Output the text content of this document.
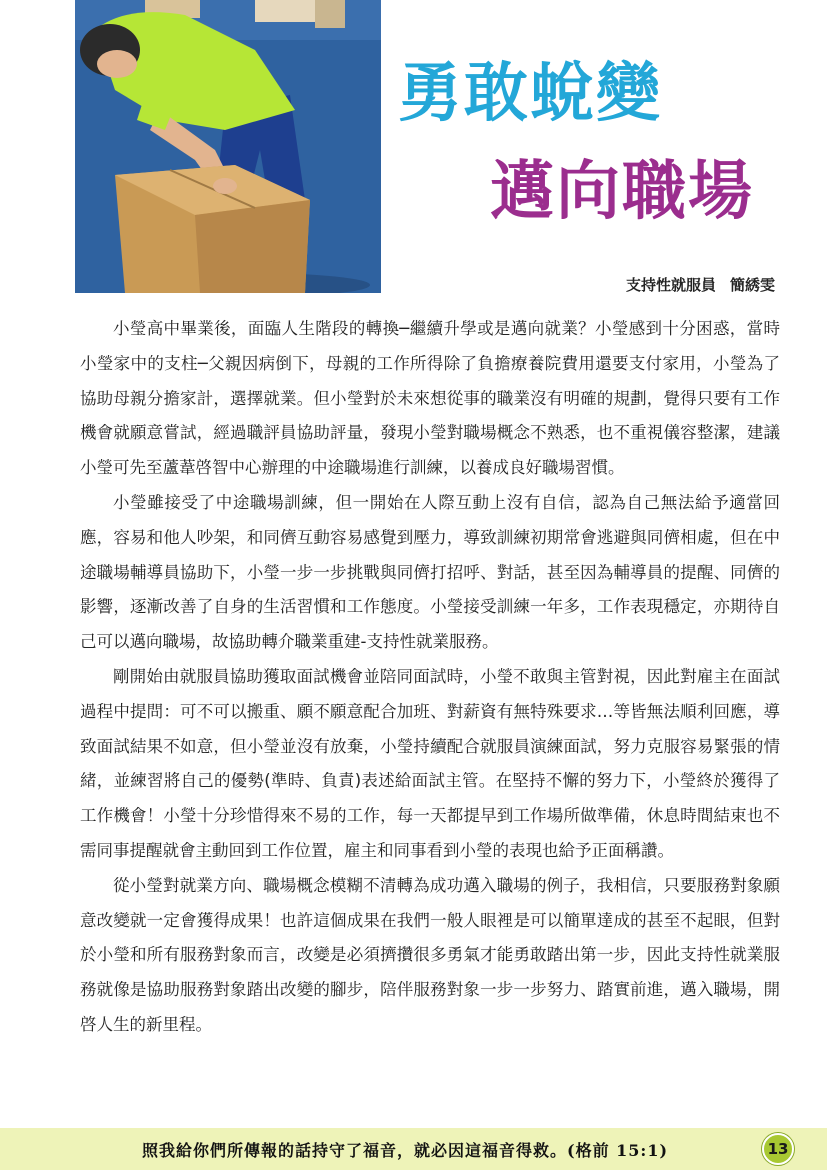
勇敢蛻變
邁向職場
支持性就服員 簡綉雯

小瑩高中畢業後，面臨人生階段的轉換─繼續升學或是邁向就業？小瑩感到十分困惑，當時小瑩家中的支柱─父親因病倒下，母親的工作所得除了負擔療養院費用還要支付家用，小瑩為了協助母親分擔家計，選擇就業。但小瑩對於未來想從事的職業沒有明確的規劃，覺得只要有工作機會就願意嘗試，經過職評員協助評量，發現小瑩對職場概念不熟悉，也不重視儀容整潔，建議小瑩可先至蘆葦啓智中心辦理的中途職場進行訓練，以養成良好職場習慣。

小瑩雖接受了中途職場訓練，但一開始在人際互動上沒有自信，認為自己無法給予適當回應，容易和他人吵架，和同儕互動容易感覺到壓力，導致訓練初期常會逃避與同儕相處，但在中途職場輔導員協助下，小瑩一步一步挑戰與同儕打招呼、對話，甚至因為輔導員的提醒、同儕的影響，逐漸改善了自身的生活習慣和工作態度。小瑩接受訓練一年多，工作表現穩定，亦期待自己可以邁向職場，故協助轉介職業重建-支持性就業服務。

剛開始由就服員協助獲取面試機會並陪同面試時，小瑩不敢與主管對視，因此對雇主在面試過程中提問：可不可以搬重、願不願意配合加班、對薪資有無特殊要求…等皆無法順利回應，導致面試結果不如意，但小瑩並沒有放棄，小瑩持續配合就服員演練面試，努力克服容易緊張的情緒，並練習將自己的優勢(準時、負責)表述給面試主管。在堅持不懈的努力下，小瑩終於獲得了工作機會！小瑩十分珍惜得來不易的工作，每一天都提早到工作場所做準備，休息時間結束也不需同事提醒就會主動回到工作位置，雇主和同事看到小瑩的表現也給予正面稱讚。

從小瑩對就業方向、職場概念模糊不清轉為成功邁入職場的例子，我相信，只要服務對象願意改變就一定會獲得成果！也許這個成果在我們一般人眼裡是可以簡單達成的甚至不起眼，但對於小瑩和所有服務對象而言，改變是必須擠攢很多勇氣才能勇敢踏出第一步，因此支持性就業服務就像是協助服務對象踏出改變的腳步，陪伴服務對象一步一步努力、踏實前進，邁入職場，開啓人生的新里程。

照我給你們所傳報的話持守了福音，就必因這福音得救。(格前 15:1)	13
